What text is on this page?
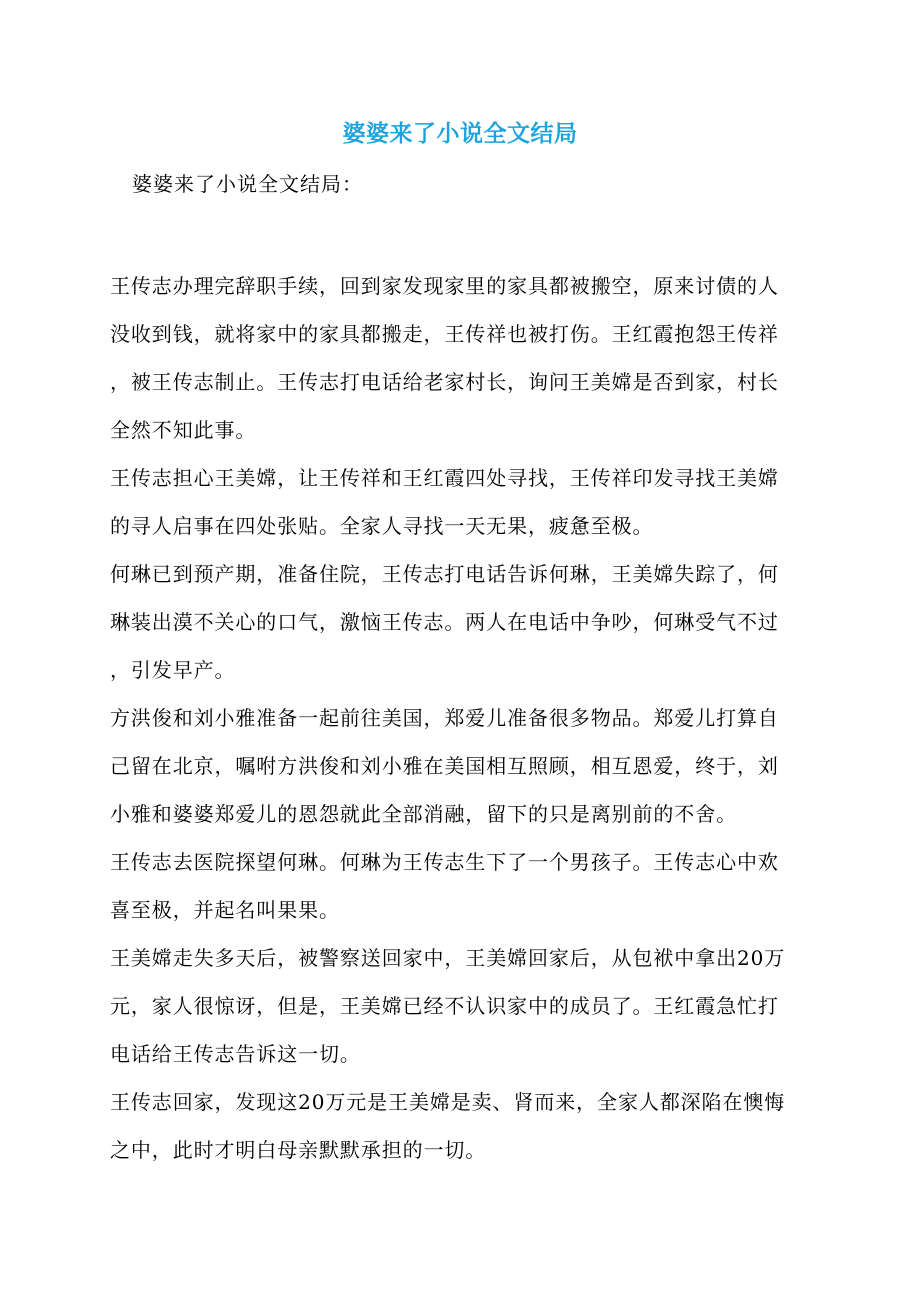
婆婆来了小说全文结局
婆婆来了小说全文结局：
王传志办理完辞职手续，回到家发现家里的家具都被搬空，原来讨债的人
没收到钱，就将家中的家具都搬走，王传祥也被打伤。王红霞抱怨王传祥
，被王传志制止。王传志打电话给老家村长，询问王美嫦是否到家，村长
全然不知此事。
王传志担心王美嫦，让王传祥和王红霞四处寻找，王传祥印发寻找王美嫦
的寻人启事在四处张贴。全家人寻找一天无果，疲惫至极。
何琳已到预产期，准备住院，王传志打电话告诉何琳，王美嫦失踪了，何
琳装出漠不关心的口气，激恼王传志。两人在电话中争吵，何琳受气不过
，引发早产。
方洪俊和刘小雅准备一起前往美国，郑爱儿准备很多物品。郑爱儿打算自
己留在北京，嘱咐方洪俊和刘小雅在美国相互照顾，相互恩爱，终于，刘
小雅和婆婆郑爱儿的恩怨就此全部消融，留下的只是离别前的不舍。
王传志去医院探望何琳。何琳为王传志生下了一个男孩子。王传志心中欢
喜至极，并起名叫果果。
王美嫦走失多天后，被警察送回家中，王美嫦回家后，从包袱中拿出20万
元，家人很惊讶，但是，王美嫦已经不认识家中的成员了。王红霞急忙打
电话给王传志告诉这一切。
王传志回家，发现这20万元是王美嫦是卖、肾而来，全家人都深陷在懊悔
之中，此时才明白母亲默默承担的一切。
